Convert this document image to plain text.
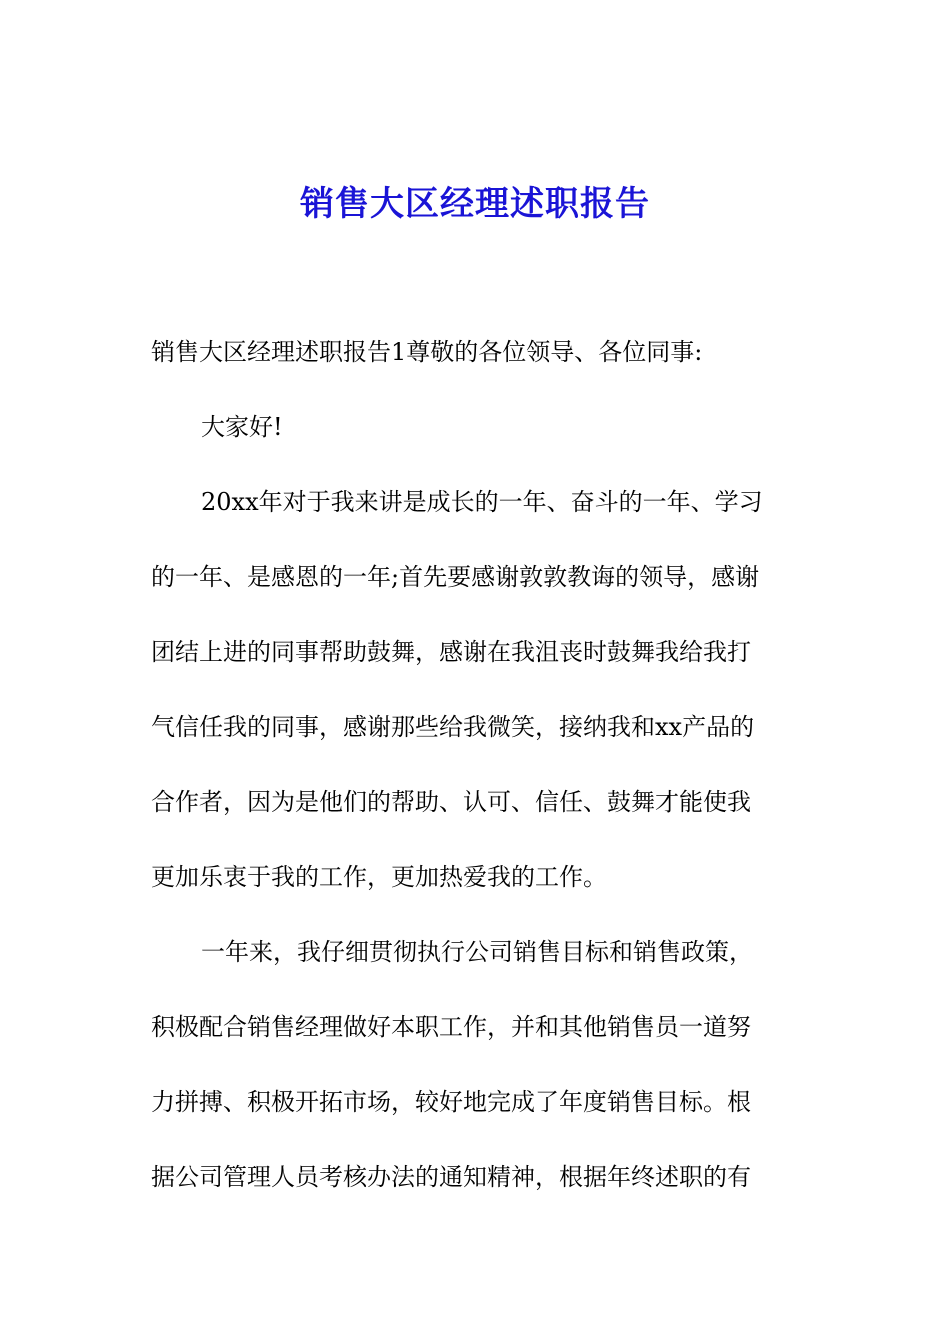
销售大区经理述职报告
销售大区经理述职报告1尊敬的各位领导、各位同事:
大家好!
20xx年对于我来讲是成长的一年、奋斗的一年、学习
的一年、是感恩的一年;首先要感谢敦敦教诲的领导，感谢
团结上进的同事帮助鼓舞，感谢在我沮丧时鼓舞我给我打
气信任我的同事，感谢那些给我微笑，接纳我和xx产品的
合作者，因为是他们的帮助、认可、信任、鼓舞才能使我
更加乐衷于我的工作，更加热爱我的工作。
一年来，我仔细贯彻执行公司销售目标和销售政策，
积极配合销售经理做好本职工作，并和其他销售员一道努
力拼搏、积极开拓市场，较好地完成了年度销售目标。根
据公司管理人员考核办法的通知精神，根据年终述职的有
